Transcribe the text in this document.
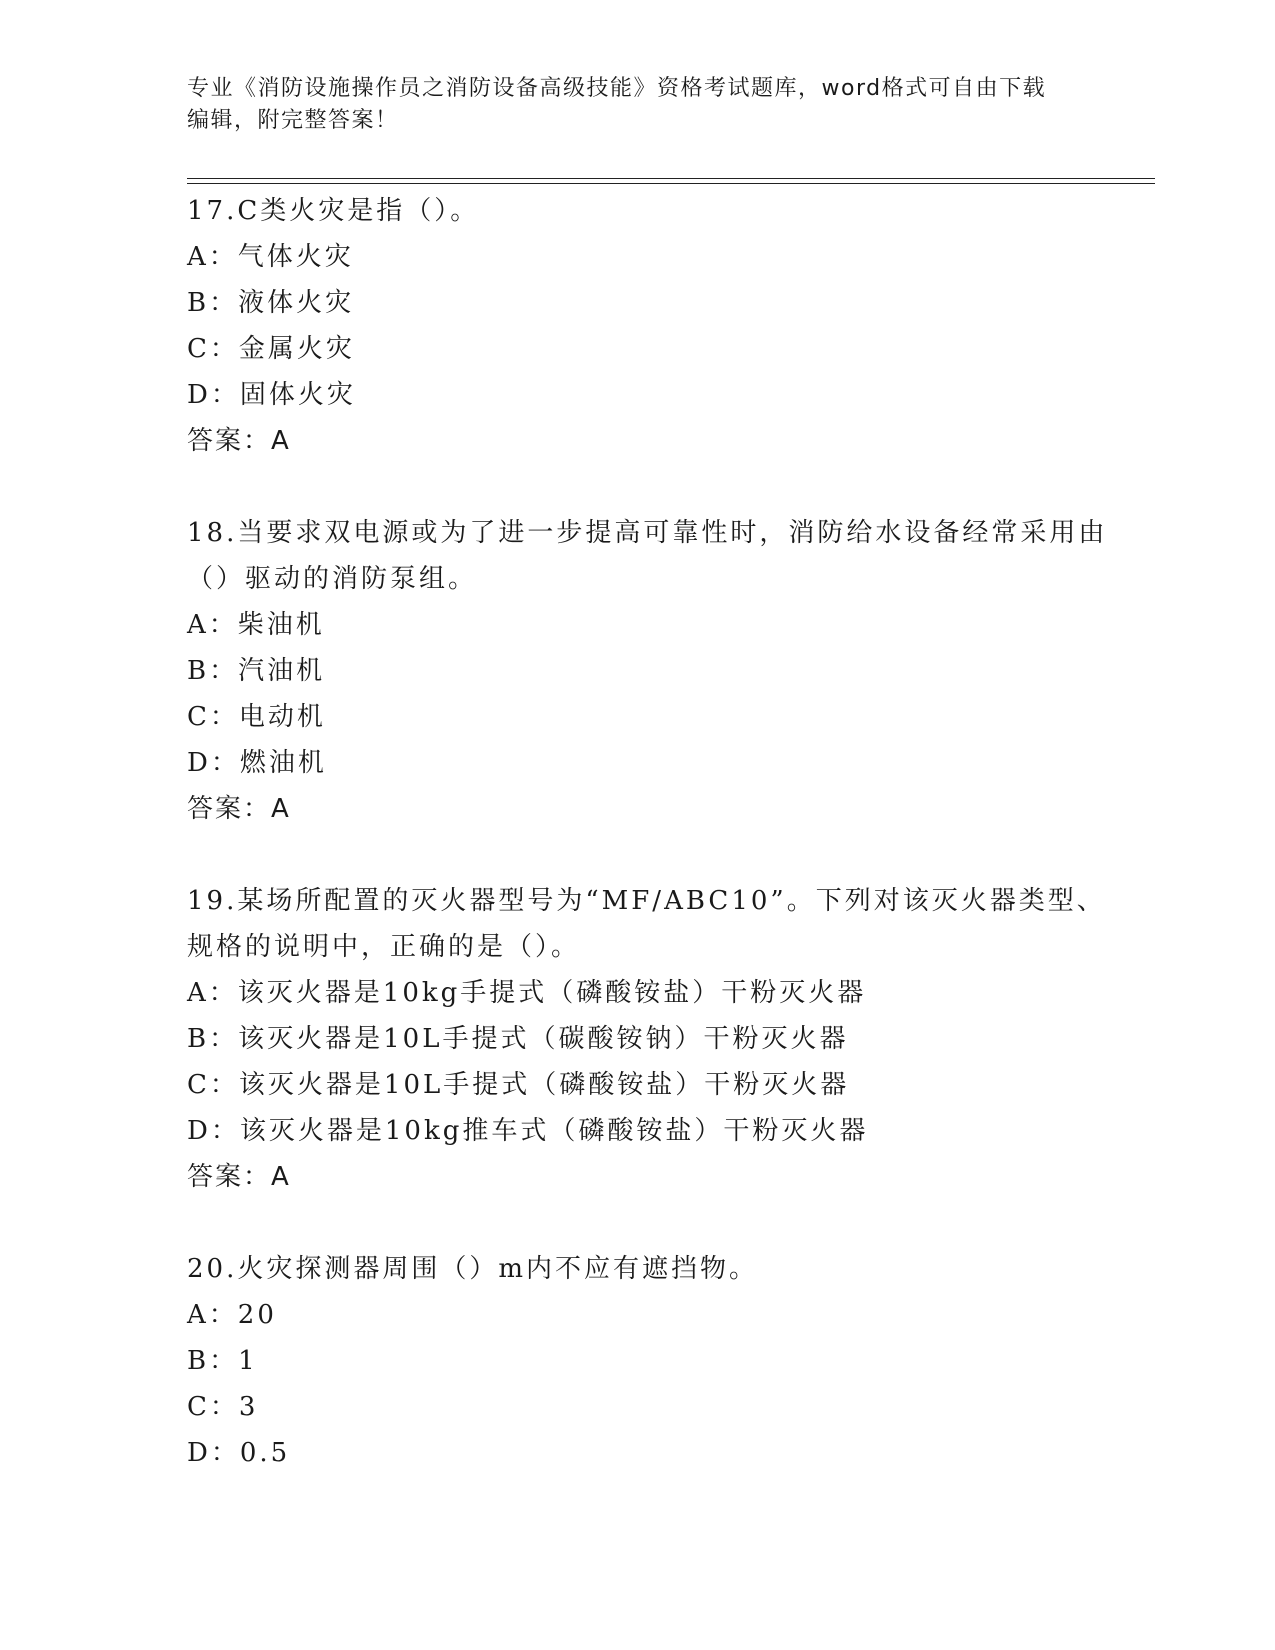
专业《消防设施操作员之消防设备高级技能》资格考试题库，word格式可自由下载编辑，附完整答案！
17.C类火灾是指（）。
A：气体火灾
B：液体火灾
C：金属火灾
D：固体火灾
答案：A
18.当要求双电源或为了进一步提高可靠性时，消防给水设备经常采用由（）驱动的消防泵组。
A：柴油机
B：汽油机
C：电动机
D：燃油机
答案：A
19.某场所配置的灭火器型号为“MF/ABC10”。下列对该灭火器类型、规格的说明中，正确的是（）。
A：该灭火器是10kg手提式（磷酸铵盐）干粉灭火器
B：该灭火器是10L手提式（碳酸铵钠）干粉灭火器
C：该灭火器是10L手提式（磷酸铵盐）干粉灭火器
D：该灭火器是10kg推车式（磷酸铵盐）干粉灭火器
答案：A
20.火灾探测器周围（）m内不应有遮挡物。
A：20
B：1
C：3
D：0.5
